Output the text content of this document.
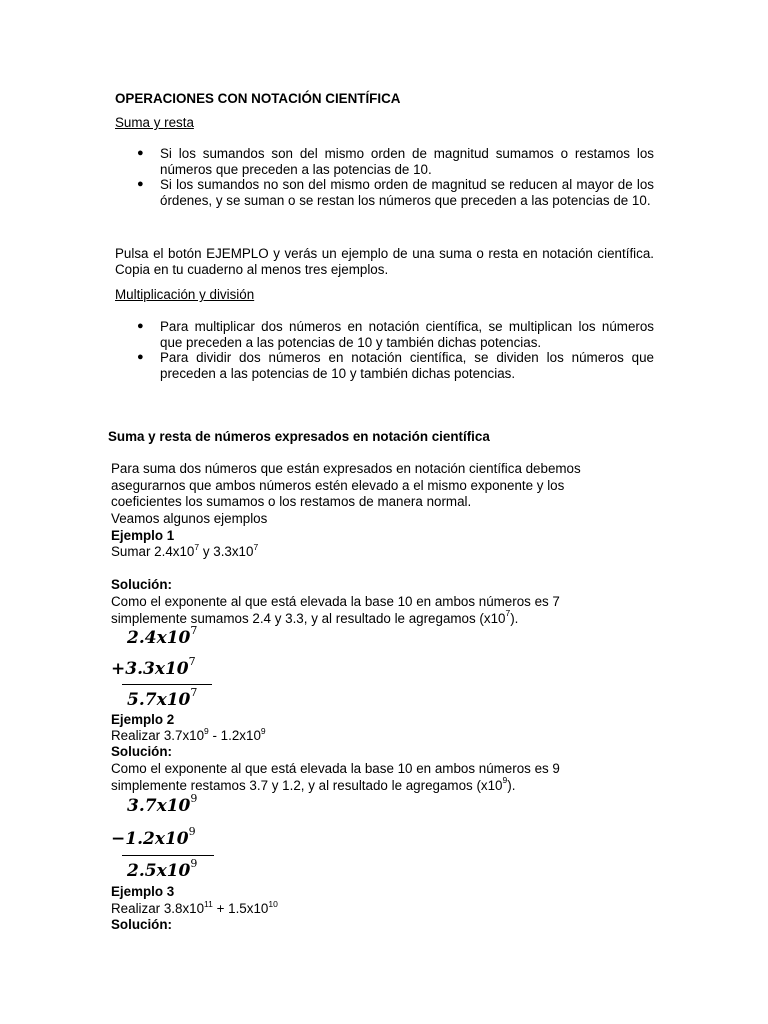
OPERACIONES CON NOTACIÓN CIENTÍFICA
Suma y resta
● Si los sumandos son del mismo orden de magnitud sumamos o restamos los números que preceden a las potencias de 10.
● Si los sumandos no son del mismo orden de magnitud se reducen al mayor de los órdenes, y se suman o se restan los números que preceden a las potencias de 10.
Pulsa el botón EJEMPLO y verás un ejemplo de una suma o resta en notación científica. Copia en tu cuaderno al menos tres ejemplos.
Multiplicación y división
● Para multiplicar dos números en notación científica, se multiplican los números que preceden a las potencias de 10 y también dichas potencias.
● Para dividir dos números en notación científica, se dividen los números que preceden a las potencias de 10 y también dichas potencias.
Suma y resta de números expresados en notación científica
Para suma dos números que están expresados en notación científica debemos
asegurarnos que ambos números estén elevado a el mismo exponente y los
coeficientes los sumamos o los restamos de manera normal.
Veamos algunos ejemplos
Ejemplo 1
Sumar $2.4x10^7$ y $3.3x10^7$
Solución:
Como el exponente al que está elevada la base 10 en ambos números es 7
simplemente sumamos 2.4 y 3.3, y al resultado le agregamos $(x10^7)$.
$2.4x10^7$
$+3.3x10^7$
$5.7x10^7$
Ejemplo 2
Realizar $3.7x10^9 - 1.2x10^9$
Solución:
Como el exponente al que está elevada la base 10 en ambos números es 9
simplemente restamos 3.7 y 1.2, y al resultado le agregamos $(x10^9)$.
$3.7x10^9$
$-1.2x10^9$
$2.5x10^9$
Ejemplo 3
Realizar $3.8x10^{11} + 1.5x10^{10}$
Solución:
